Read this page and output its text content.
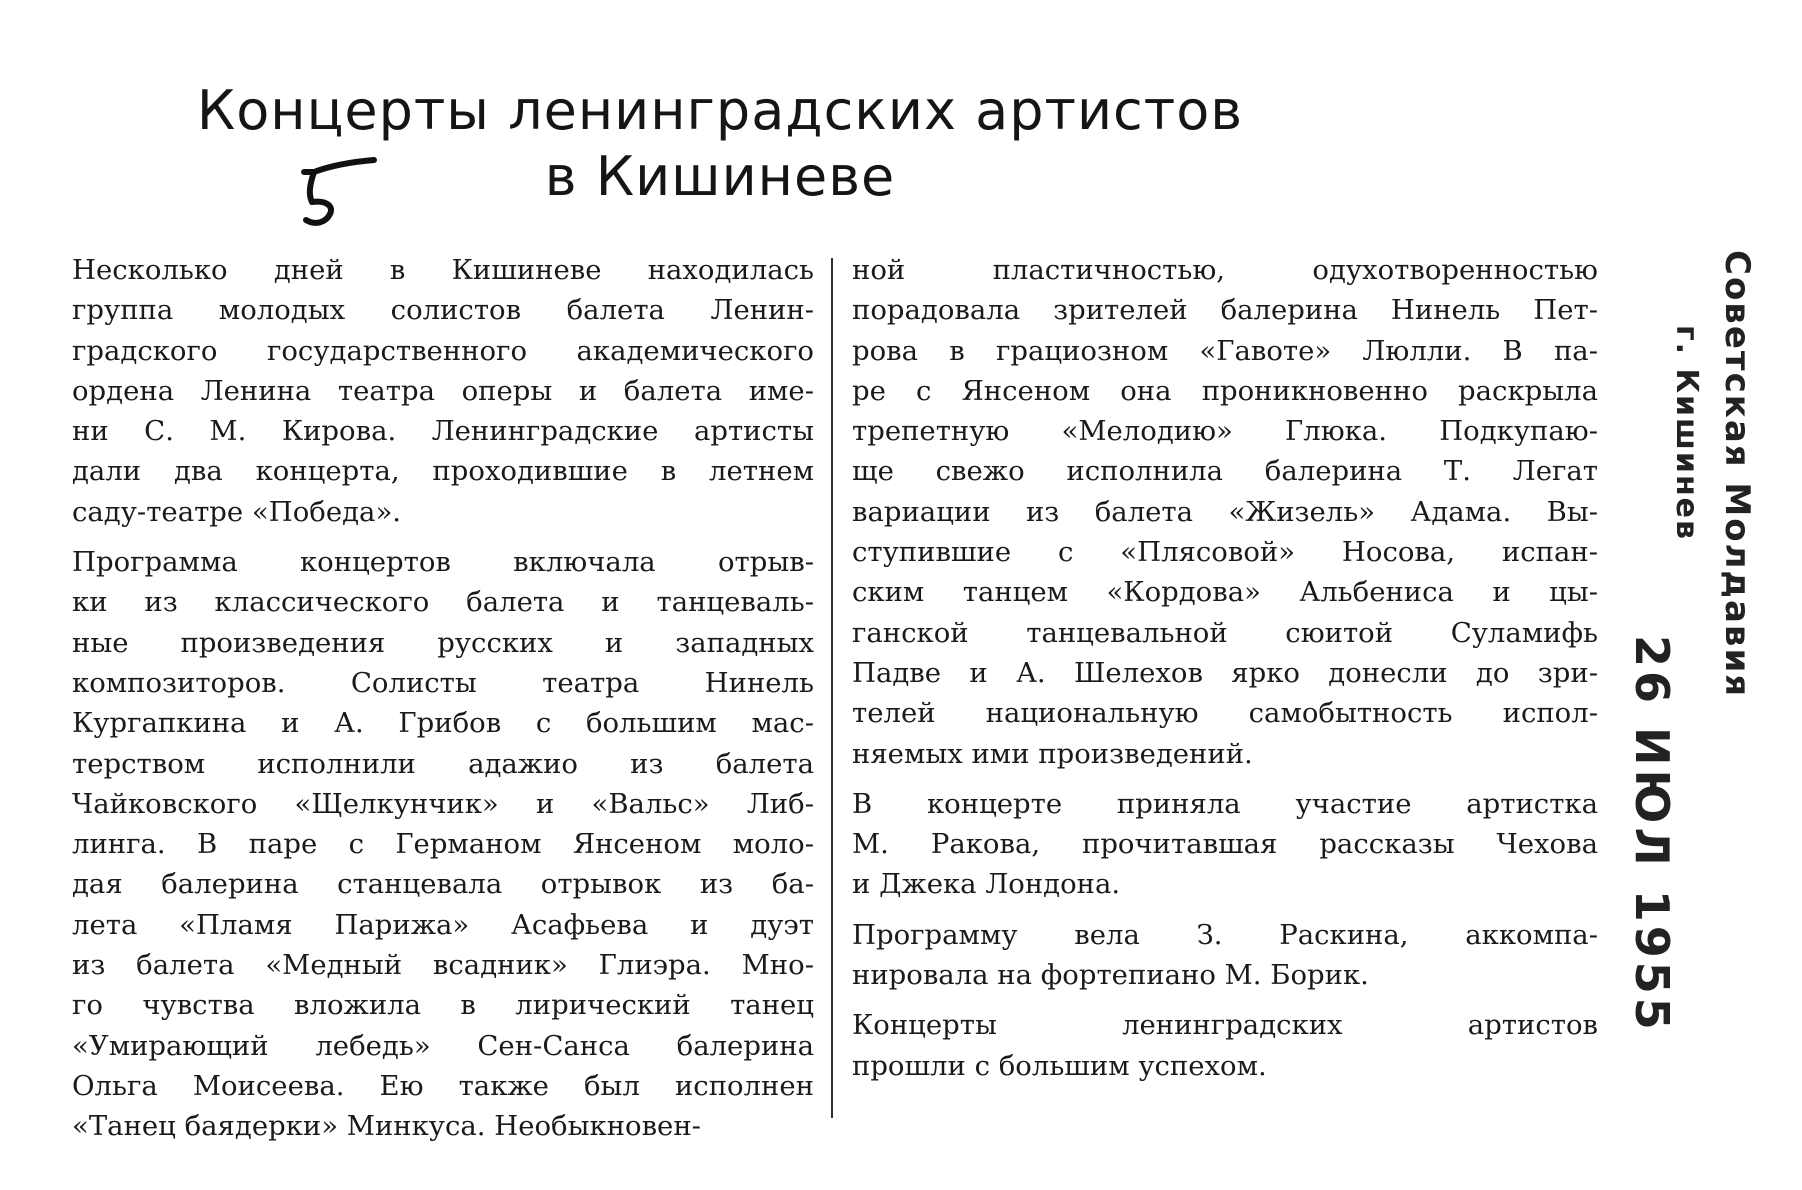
Концерты ленинградских артистов
в Кишиневе
Несколько дней в Кишиневе находилась
группа молодых солистов балета Ленин-
градского государственного академического
ордена Ленина театра оперы и балета име-
ни С. М. Кирова. Ленинградские артисты
дали два концерта, проходившие в летнем
саду-театре «Победа».
Программа концертов включала отрыв-
ки из классического балета и танцеваль-
ные произведения русских и западных
композиторов. Солисты театра Нинель
Кургапкина и А. Грибов с большим мас-
терством исполнили адажио из балета
Чайковского «Щелкунчик» и «Вальс» Либ-
линга. В паре с Германом Янсеном моло-
дая балерина станцевала отрывок из ба-
лета «Пламя Парижа» Асафьева и дуэт
из балета «Медный всадник» Глиэра. Мно-
го чувства вложила в лирический танец
«Умирающий лебедь» Сен-Санса балерина
Ольга Моисеева. Ею также был исполнен
«Танец баядерки» Минкуса. Необыкновен-
ной пластичностью, одухотворенностью
порадовала зрителей балерина Нинель Пет-
рова в грациозном «Гавоте» Люлли. В па-
ре с Янсеном она проникновенно раскрыла
трепетную «Мелодию» Глюка. Подкупаю-
ще свежо исполнила балерина Т. Легат
вариации из балета «Жизель» Адама. Вы-
ступившие с «Плясовой» Носова, испан-
ским танцем «Кордова» Альбениса и цы-
ганской танцевальной сюитой Суламифь
Падве и А. Шелехов ярко донесли до зри-
телей национальную самобытность испол-
няемых ими произведений.
В концерте приняла участие артистка
М. Ракова, прочитавшая рассказы Чехова
и Джека Лондона.
Программу вела З. Раскина, аккомпа-
нировала на фортепиано М. Борик.
Концерты ленинградских артистов
прошли с большим успехом.
Советская Молдавия
г. Кишинев
26 ИЮЛ 1955
